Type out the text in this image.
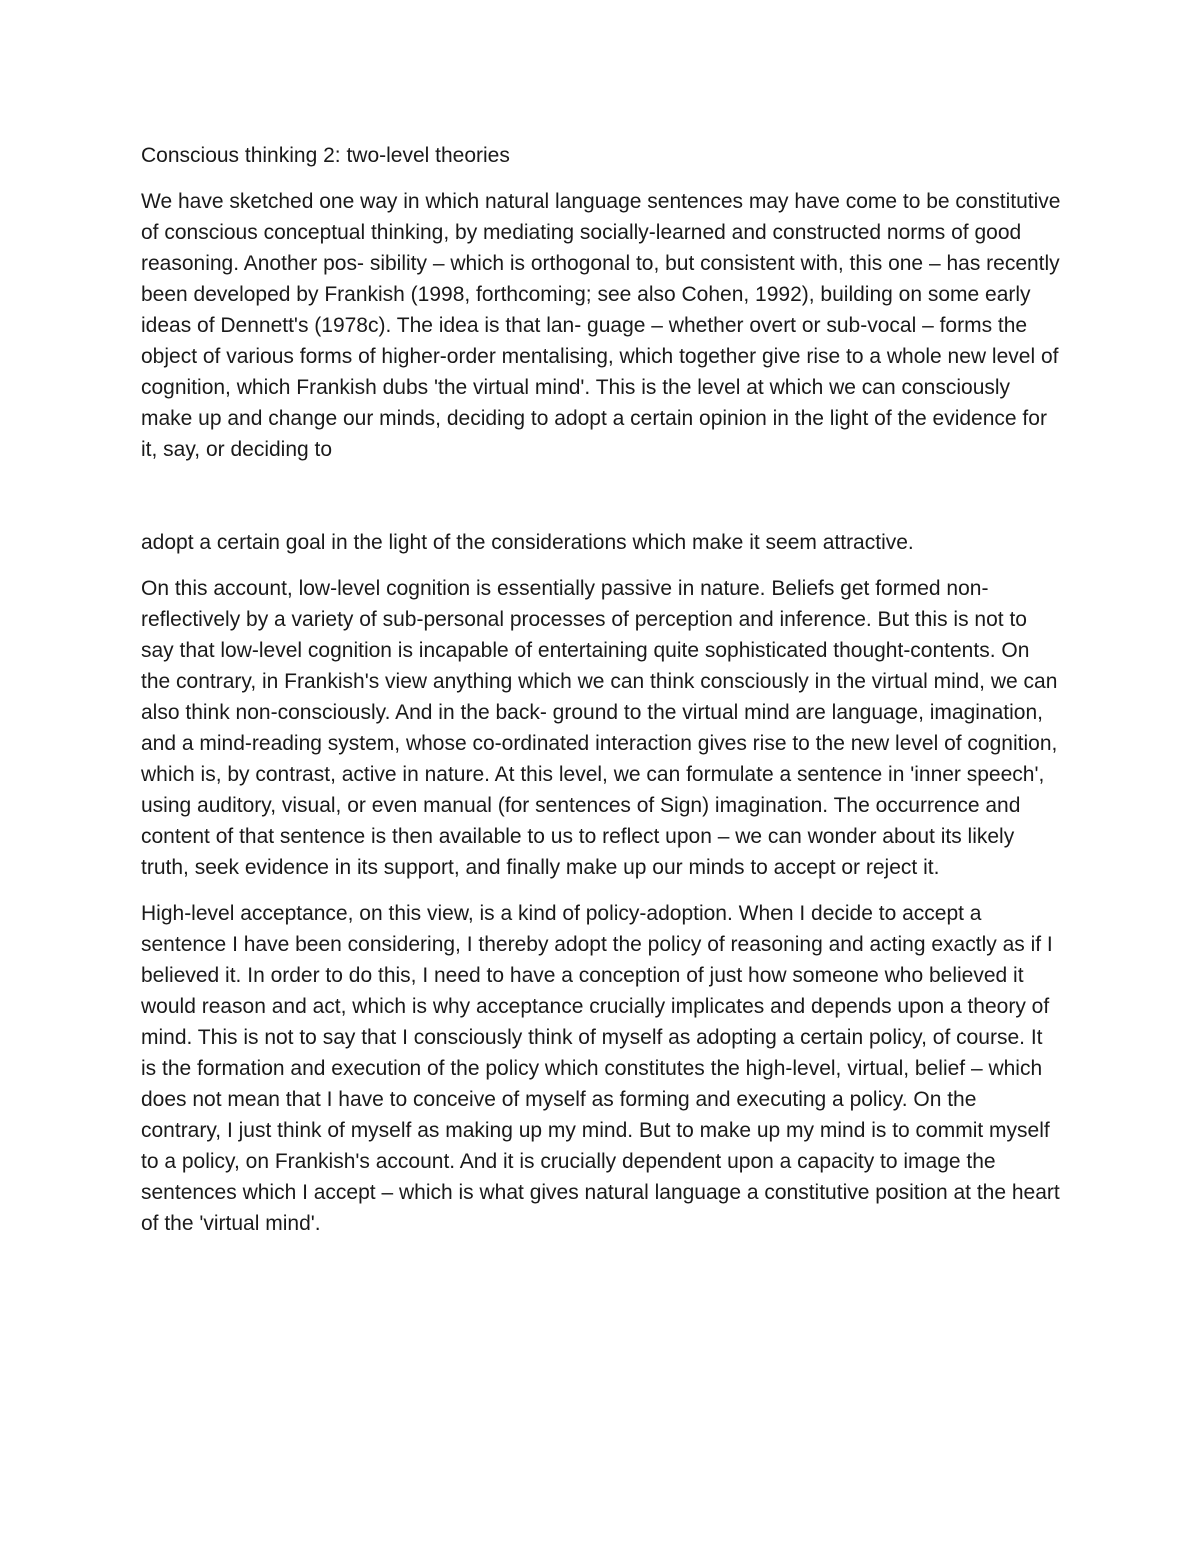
Conscious thinking 2: two-level theories

We have sketched one way in which natural language sentences may have come to be constitutive of conscious conceptual thinking, by mediating socially-learned and constructed norms of good reasoning. Another pos- sibility – which is orthogonal to, but consistent with, this one – has recently been developed by Frankish (1998, forthcoming; see also Cohen, 1992), building on some early ideas of Dennett's (1978c). The idea is that lan- guage – whether overt or sub-vocal – forms the object of various forms of higher-order mentalising, which together give rise to a whole new level of cognition, which Frankish dubs 'the virtual mind'. This is the level at which we can consciously make up and change our minds, deciding to adopt a certain opinion in the light of the evidence for it, say, or deciding to

adopt a certain goal in the light of the considerations which make it seem attractive.

On this account, low-level cognition is essentially passive in nature. Beliefs get formed non-reflectively by a variety of sub-personal processes of perception and inference. But this is not to say that low-level cognition is incapable of entertaining quite sophisticated thought-contents. On the contrary, in Frankish's view anything which we can think consciously in the virtual mind, we can also think non-consciously. And in the back- ground to the virtual mind are language, imagination, and a mind-reading system, whose co-ordinated interaction gives rise to the new level of cognition, which is, by contrast, active in nature. At this level, we can formulate a sentence in 'inner speech', using auditory, visual, or even manual (for sentences of Sign) imagination. The occurrence and content of that sentence is then available to us to reflect upon – we can wonder about its likely truth, seek evidence in its support, and finally make up our minds to accept or reject it.

High-level acceptance, on this view, is a kind of policy-adoption. When I decide to accept a sentence I have been considering, I thereby adopt the policy of reasoning and acting exactly as if I believed it. In order to do this, I need to have a conception of just how someone who believed it would reason and act, which is why acceptance crucially implicates and depends upon a theory of mind. This is not to say that I consciously think of myself as adopting a certain policy, of course. It is the formation and execution of the policy which constitutes the high-level, virtual, belief – which does not mean that I have to conceive of myself as forming and executing a policy. On the contrary, I just think of myself as making up my mind. But to make up my mind is to commit myself to a policy, on Frankish's account. And it is crucially dependent upon a capacity to image the sentences which I accept – which is what gives natural language a constitutive position at the heart of the 'virtual mind'.
